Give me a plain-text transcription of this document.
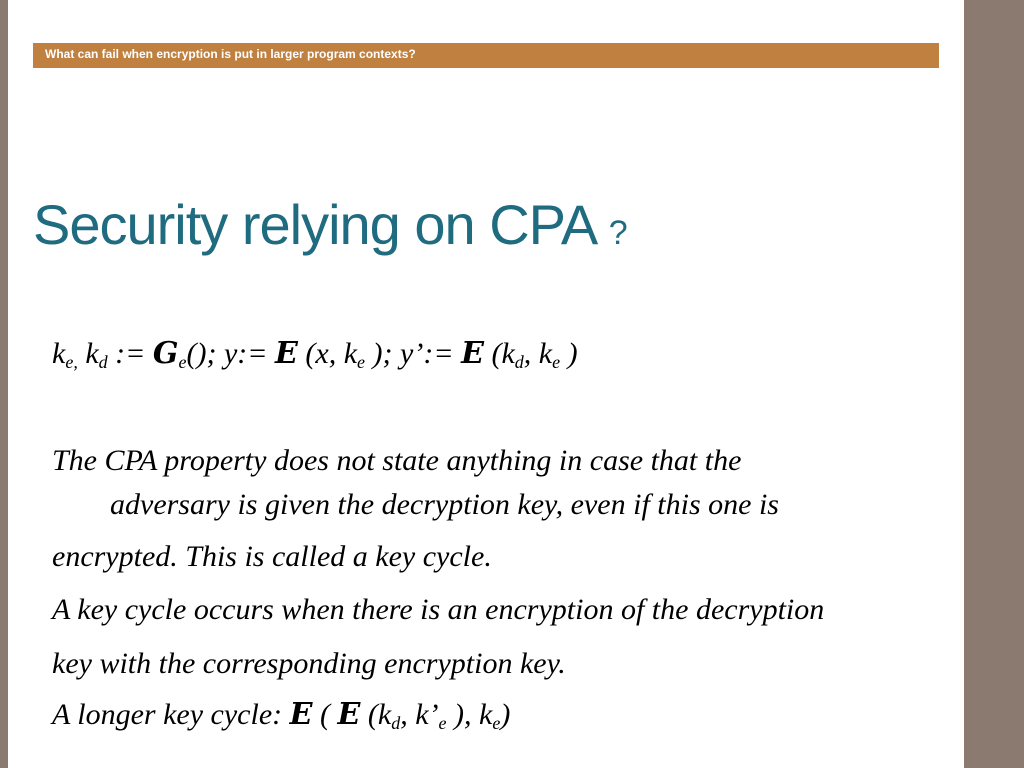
What can fail when encryption is put in larger program contexts?
Security relying on CPA ?
$k_{e,}$ $k_d$ := $G_e()$; y:= E (x, $k_e$ ); y’:= E ($k_d$, $k_e$ )
The CPA property does not state anything in case that the
adversary is given the decryption key, even if this one is
encrypted. This is called a key cycle.
A key cycle occurs when there is an encryption of the decryption
key with the corresponding encryption key.
A longer key cycle: E ( E ($k_d$, $k’_e$ ), $k_e$)
